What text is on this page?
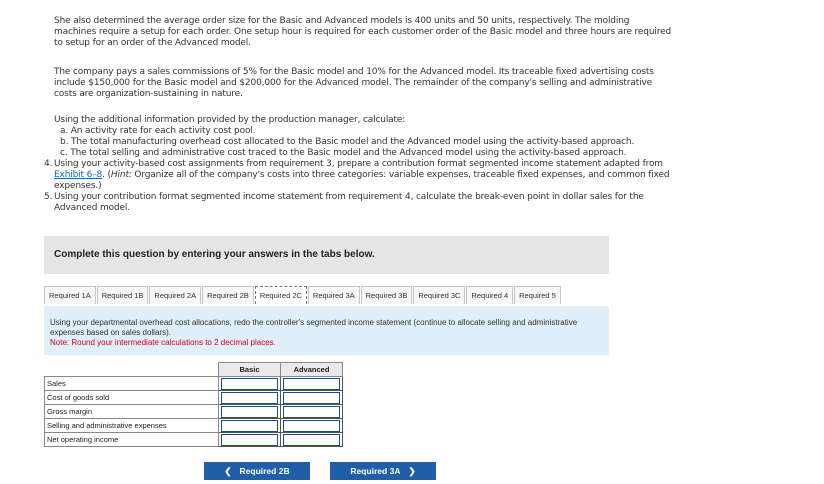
She also determined the average order size for the Basic and Advanced models is 400 units and 50 units, respectively. The molding machines require a setup for each order. One setup hour is required for each customer order of the Basic model and three hours are required to setup for an order of the Advanced model.

The company pays a sales commissions of 5% for the Basic model and 10% for the Advanced model. Its traceable fixed advertising costs include $150,000 for the Basic model and $200,000 for the Advanced model. The remainder of the company's selling and administrative costs are organization-sustaining in nature.

Using the additional information provided by the production manager, calculate:

a. An activity rate for each activity cost pool.

b. The total manufacturing overhead cost allocated to the Basic model and the Advanced model using the activity-based approach.

c. The total selling and administrative cost traced to the Basic model and the Advanced model using the activity-based approach.

4. Using your activity-based cost assignments from requirement 3, prepare a contribution format segmented income statement adapted from Exhibit 6–8. (Hint: Organize all of the company's costs into three categories: variable expenses, traceable fixed expenses, and common fixed expenses.)
5. Using your contribution format segmented income statement from requirement 4, calculate the break-even point in dollar sales for the Advanced model.
Complete this question by entering your answers in the tabs below.
Required 1A	Required 1B	Required 2A	Required 2B	Required 2C	Required 3A	Required 3B	Required 3C	Required 4	Required 5
Using your departmental overhead cost allocations, redo the controller's segmented income statement (continue to allocate selling and administrative expenses based on sales dollars).
Note: Round your intermediate calculations to 2 decimal places.
	Basic	Advanced
Sales	

Cost of goods sold	

Gross margin	

Selling and administrative expenses	

Net operating income	

❮ Required 2B	Required 3A ❯
